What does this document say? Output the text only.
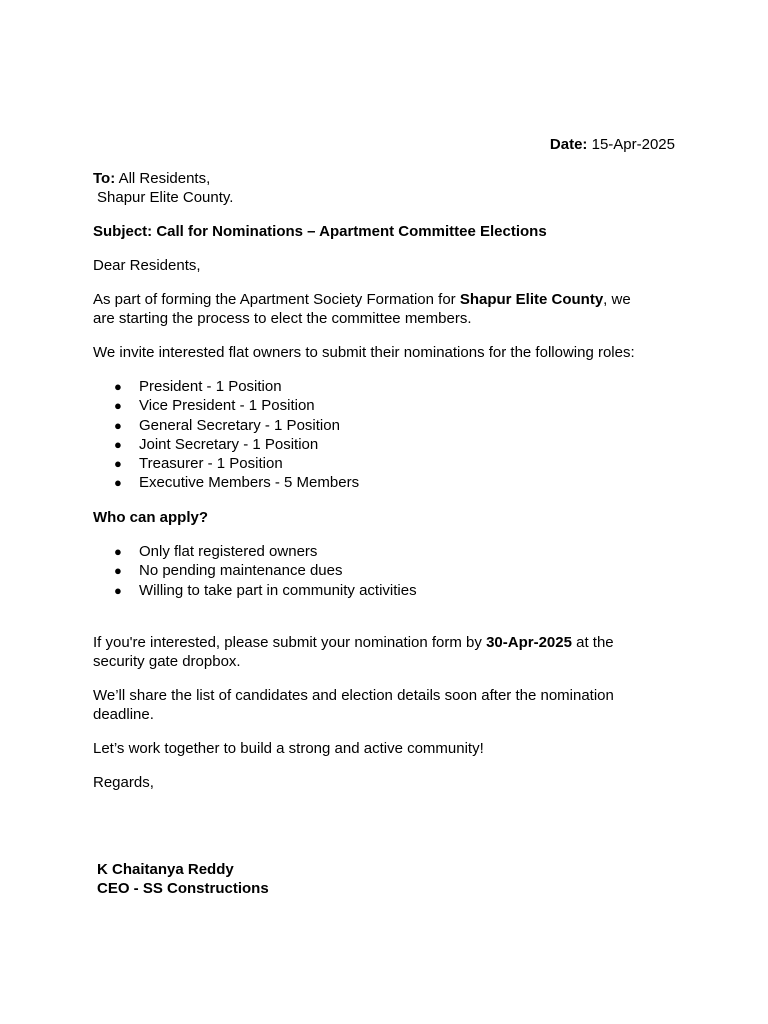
Date: 15-Apr-2025
To: All Residents,
Shapur Elite County.
Subject: Call for Nominations – Apartment Committee Elections
Dear Residents,
As part of forming the Apartment Society Formation for Shapur Elite County, we
are starting the process to elect the committee members.
We invite interested flat owners to submit their nominations for the following roles:
● President - 1 Position
● Vice President - 1 Position
● General Secretary - 1 Position
● Joint Secretary - 1 Position
● Treasurer - 1 Position
● Executive Members - 5 Members
Who can apply?
● Only flat registered owners
● No pending maintenance dues
● Willing to take part in community activities
If you're interested, please submit your nomination form by 30-Apr-2025 at the
security gate dropbox.
We’ll share the list of candidates and election details soon after the nomination
deadline.
Let’s work together to build a strong and active community!
Regards,
K Chaitanya Reddy
CEO - SS Constructions
